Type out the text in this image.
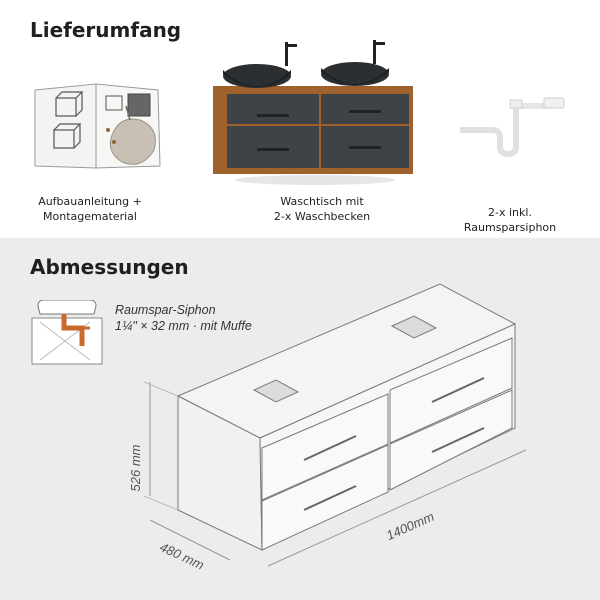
Lieferumfang
Aufbauanleitung +
Montagematerial
Waschtisch mit
2-x Waschbecken	2-x inkl.
Raumsparsiphon
Abmessungen
Raumspar-Siphon
1¼" × 32 mm · mit Muffe
526 mm
480 mm
1400mm
